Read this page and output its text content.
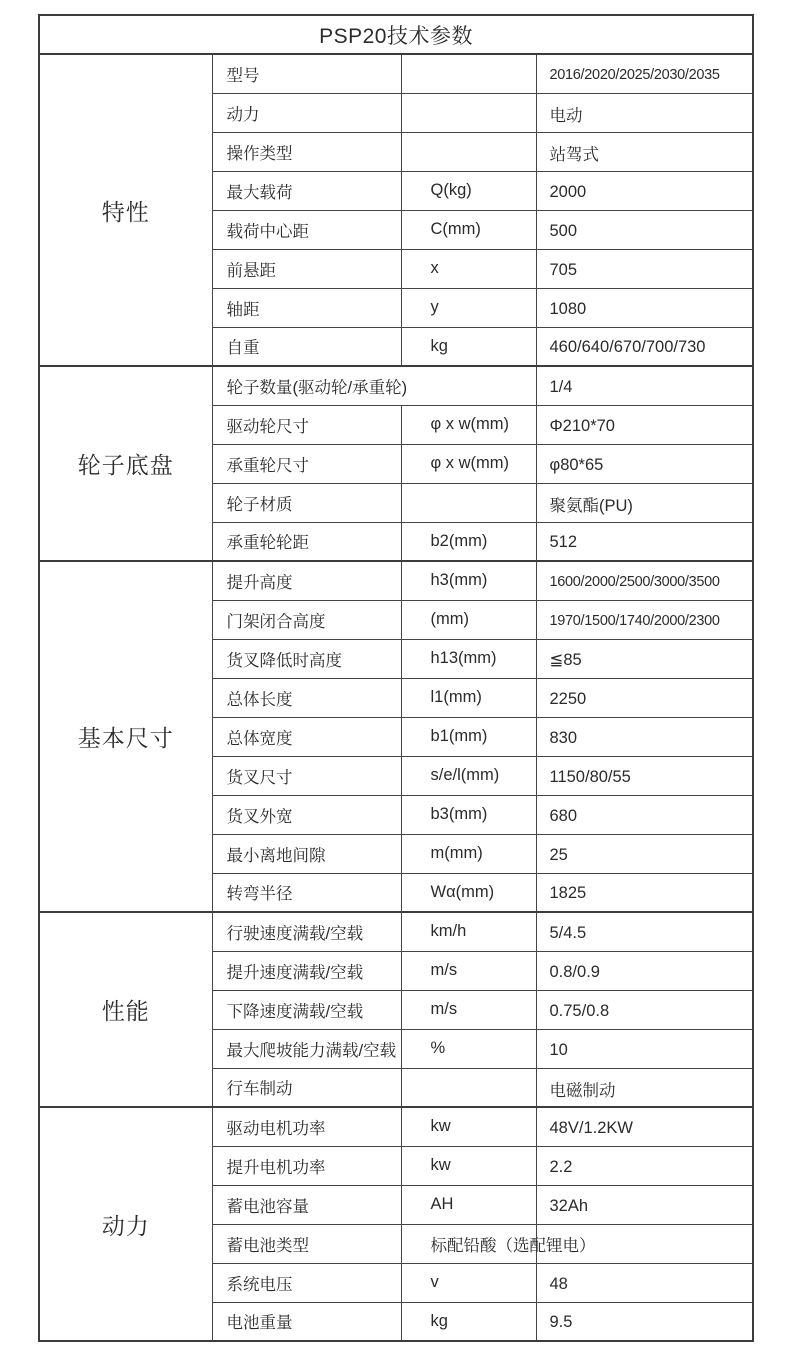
PSP20技术参数			
特性	型号		2016/2020/2025/2030/2035
	动力		电动
	操作类型		站驾式
	最大载荷	Q(kg)	2000
	载荷中心距	C(mm)	500
	前悬距	x	705
	轴距	y	1080
	自重	kg	460/640/670/700/730
轮子底盘	轮子数量(驱动轮/承重轮)		1/4
	驱动轮尺寸	φ x w(mm)	Φ210*70
	承重轮尺寸	φ x w(mm)	φ80*65
	轮子材质		聚氨酯(PU)
	承重轮轮距	b2(mm)	512
基本尺寸	提升高度	h3(mm)	1600/2000/2500/3000/3500
	门架闭合高度	(mm)	1970/1500/1740/2000/2300
	货叉降低时高度	h13(mm)	≦85
	总体长度	l1(mm)	2250
	总体宽度	b1(mm)	830
	货叉尺寸	s/e/l(mm)	1150/80/55
	货叉外宽	b3(mm)	680
	最小离地间隙	m(mm)	25
	转弯半径	Wα(mm)	1825
性能	行驶速度满载/空载	km/h	5/4.5
	提升速度满载/空载	m/s	0.8/0.9
	下降速度满载/空载	m/s	0.75/0.8
	最大爬坡能力满载/空载	%	10
	行车制动		电磁制动
动力	驱动电机功率	kw	48V/1.2KW
	提升电机功率	kw	2.2
	蓄电池容量	AH	32Ah
	蓄电池类型	标配铅酸（选配锂电）	
	系统电压	v	48
	电池重量	kg	9.5
